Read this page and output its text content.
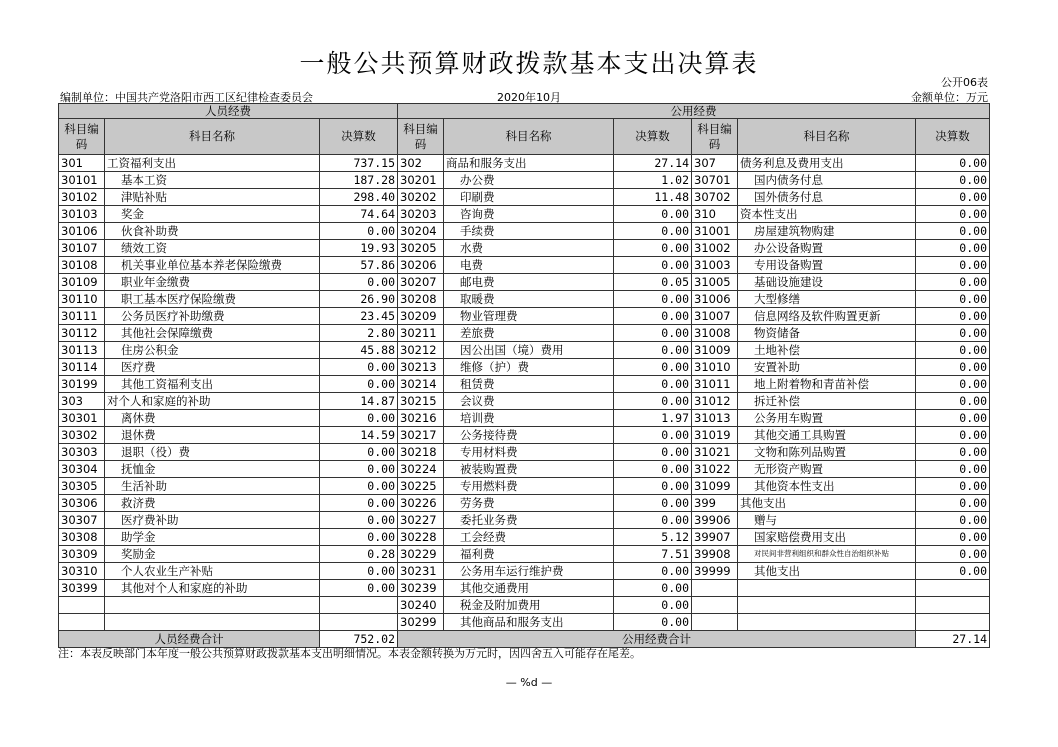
一般公共预算财政拨款基本支出决算表
公开06表
编制单位：中国共产党洛阳市西工区纪律检查委员会	2020年10月	金额单位：万元
人员经费			公用经费					
科目编码	科目名称	决算数	科目编码	科目名称	决算数	科目编码	科目名称	决算数
301	工资福利支出	737.15	302	商品和服务支出	27.14	307	债务利息及费用支出	0.00
30101	基本工资	187.28	30201	办公费	1.02	30701	国内债务付息	0.00
30102	津贴补贴	298.40	30202	印刷费	11.48	30702	国外债务付息	0.00
30103	奖金	74.64	30203	咨询费	0.00	310	资本性支出	0.00
30106	伙食补助费	0.00	30204	手续费	0.00	31001	房屋建筑物购建	0.00
30107	绩效工资	19.93	30205	水费	0.00	31002	办公设备购置	0.00
30108	机关事业单位基本养老保险缴费	57.86	30206	电费	0.00	31003	专用设备购置	0.00
30109	职业年金缴费	0.00	30207	邮电费	0.05	31005	基础设施建设	0.00
30110	职工基本医疗保险缴费	26.90	30208	取暖费	0.00	31006	大型修缮	0.00
30111	公务员医疗补助缴费	23.45	30209	物业管理费	0.00	31007	信息网络及软件购置更新	0.00
30112	其他社会保障缴费	2.80	30211	差旅费	0.00	31008	物资储备	0.00
30113	住房公积金	45.88	30212	因公出国（境）费用	0.00	31009	土地补偿	0.00
30114	医疗费	0.00	30213	维修（护）费	0.00	31010	安置补助	0.00
30199	其他工资福利支出	0.00	30214	租赁费	0.00	31011	地上附着物和青苗补偿	0.00
303	对个人和家庭的补助	14.87	30215	会议费	0.00	31012	拆迁补偿	0.00
30301	离休费	0.00	30216	培训费	1.97	31013	公务用车购置	0.00
30302	退休费	14.59	30217	公务接待费	0.00	31019	其他交通工具购置	0.00
30303	退职（役）费	0.00	30218	专用材料费	0.00	31021	文物和陈列品购置	0.00
30304	抚恤金	0.00	30224	被装购置费	0.00	31022	无形资产购置	0.00
30305	生活补助	0.00	30225	专用燃料费	0.00	31099	其他资本性支出	0.00
30306	救济费	0.00	30226	劳务费	0.00	399	其他支出	0.00
30307	医疗费补助	0.00	30227	委托业务费	0.00	39906	赠与	0.00
30308	助学金	0.00	30228	工会经费	5.12	39907	国家赔偿费用支出	0.00
30309	奖励金	0.28	30229	福利费	7.51	39908	对民间非营利组织和群众性自治组织补贴	0.00
30310	个人农业生产补贴	0.00	30231	公务用车运行维护费	0.00	39999	其他支出	0.00
30399	其他对个人和家庭的补助	0.00	30239	其他交通费用	0.00			
			30240	税金及附加费用	0.00			
			30299	其他商品和服务支出	0.00			
人员经费合计		752.02	公用经费合计					27.14
注：本表反映部门本年度一般公共预算财政拨款基本支出明细情况。本表金额转换为万元时，因四舍五入可能存在尾差。
— %d —
